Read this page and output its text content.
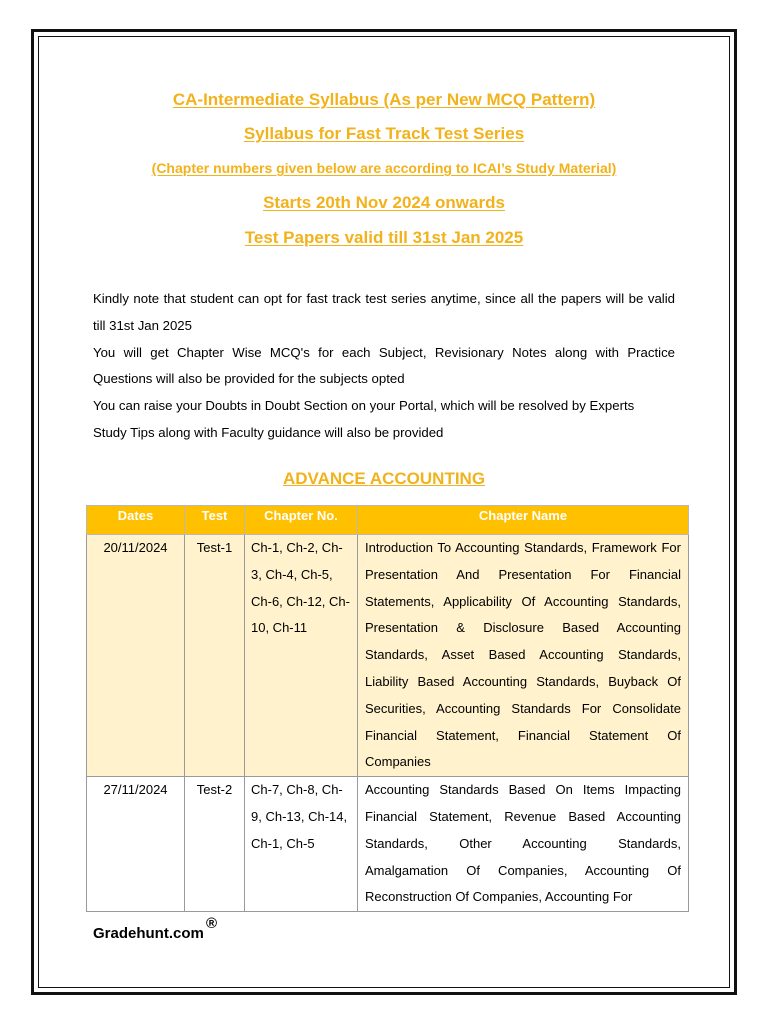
CA-Intermediate Syllabus (As per New MCQ Pattern)
Syllabus for Fast Track Test Series
(Chapter numbers given below are according to ICAI’s Study Material)
Starts 20th Nov 2024 onwards
Test Papers valid till 31st Jan 2025

Kindly note that student can opt for fast track test series anytime, since all the papers will be valid till 31st Jan 2025

You will get Chapter Wise MCQ's for each Subject, Revisionary Notes along with Practice Questions will also be provided for the subjects opted

You can raise your Doubts in Doubt Section on your Portal, which will be resolved by Experts

Study Tips along with Faculty guidance will also be provided

ADVANCE ACCOUNTING
Dates	Test	Chapter No.	Chapter Name
20/11/2024	Test-1	Ch-1, Ch-2, Ch-3, Ch-4, Ch-5, Ch-6, Ch-12, Ch-10, Ch-11	Introduction To Accounting Standards, Framework For Presentation And Presentation For Financial Statements, Applicability Of Accounting Standards, Presentation & Disclosure Based Accounting Standards, Asset Based Accounting Standards, Liability Based Accounting Standards, Buyback Of Securities, Accounting Standards For Consolidate Financial Statement, Financial Statement Of Companies
27/11/2024	Test-2	Ch-7, Ch-8, Ch-9, Ch-13, Ch-14, Ch-1, Ch-5	Accounting Standards Based On Items Impacting Financial Statement, Revenue Based Accounting Standards, Other Accounting Standards, Amalgamation Of Companies, Accounting Of Reconstruction Of Companies, Accounting For
Gradehunt.com
®
